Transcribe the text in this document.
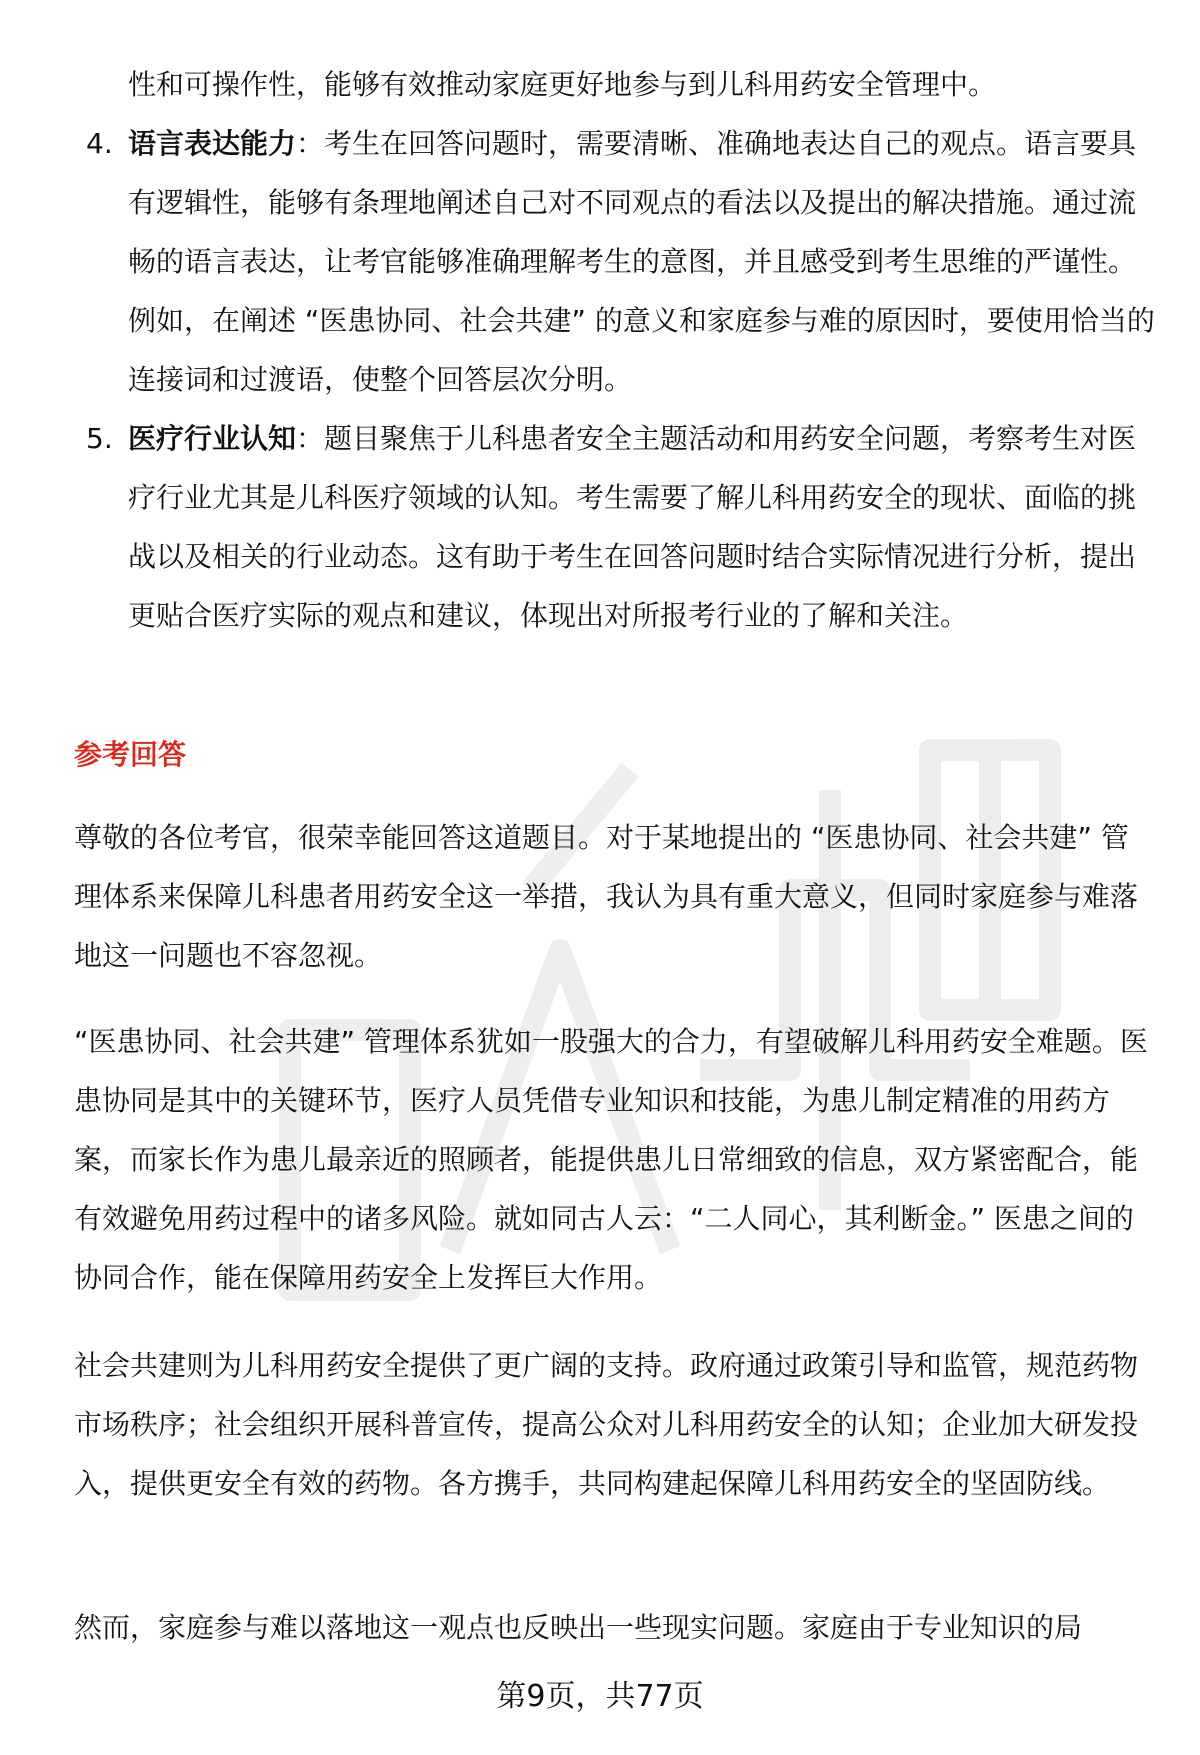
性和可操作性，能够有效推动家庭更好地参与到儿科用药安全管理中。

4. 语言表达能力：考生在回答问题时，需要清晰、准确地表达自己的观点。语言要具有逻辑性，能够有条理地阐述自己对不同观点的看法以及提出的解决措施。通过流畅的语言表达，让考官能够准确理解考生的意图，并且感受到考生思维的严谨性。例如，在阐述 “医患协同、社会共建” 的意义和家庭参与难的原因时，要使用恰当的连接词和过渡语，使整个回答层次分明。
5. 医疗行业认知：题目聚焦于儿科患者安全主题活动和用药安全问题，考察考生对医疗行业尤其是儿科医疗领域的认知。考生需要了解儿科用药安全的现状、面临的挑战以及相关的行业动态。这有助于考生在回答问题时结合实际情况进行分析，提出更贴合医疗实际的观点和建议，体现出对所报考行业的了解和关注。
参考回答

尊敬的各位考官，很荣幸能回答这道题目。对于某地提出的 “医患协同、社会共建” 管理体系来保障儿科患者用药安全这一举措，我认为具有重大意义，但同时家庭参与难落地这一问题也不容忽视。

“医患协同、社会共建” 管理体系犹如一股强大的合力，有望破解儿科用药安全难题。医患协同是其中的关键环节，医疗人员凭借专业知识和技能，为患儿制定精准的用药方案，而家长作为患儿最亲近的照顾者，能提供患儿日常细致的信息，双方紧密配合，能有效避免用药过程中的诸多风险。就如同古人云：“二人同心，其利断金。” 医患之间的协同合作，能在保障用药安全上发挥巨大作用。

社会共建则为儿科用药安全提供了更广阔的支持。政府通过政策引导和监管，规范药物市场秩序；社会组织开展科普宣传，提高公众对儿科用药安全的认知；企业加大研发投入，提供更安全有效的药物。各方携手，共同构建起保障儿科用药安全的坚固防线。

然而，家庭参与难以落地这一观点也反映出一些现实问题。家庭由于专业知识的局

第9页，共77页
